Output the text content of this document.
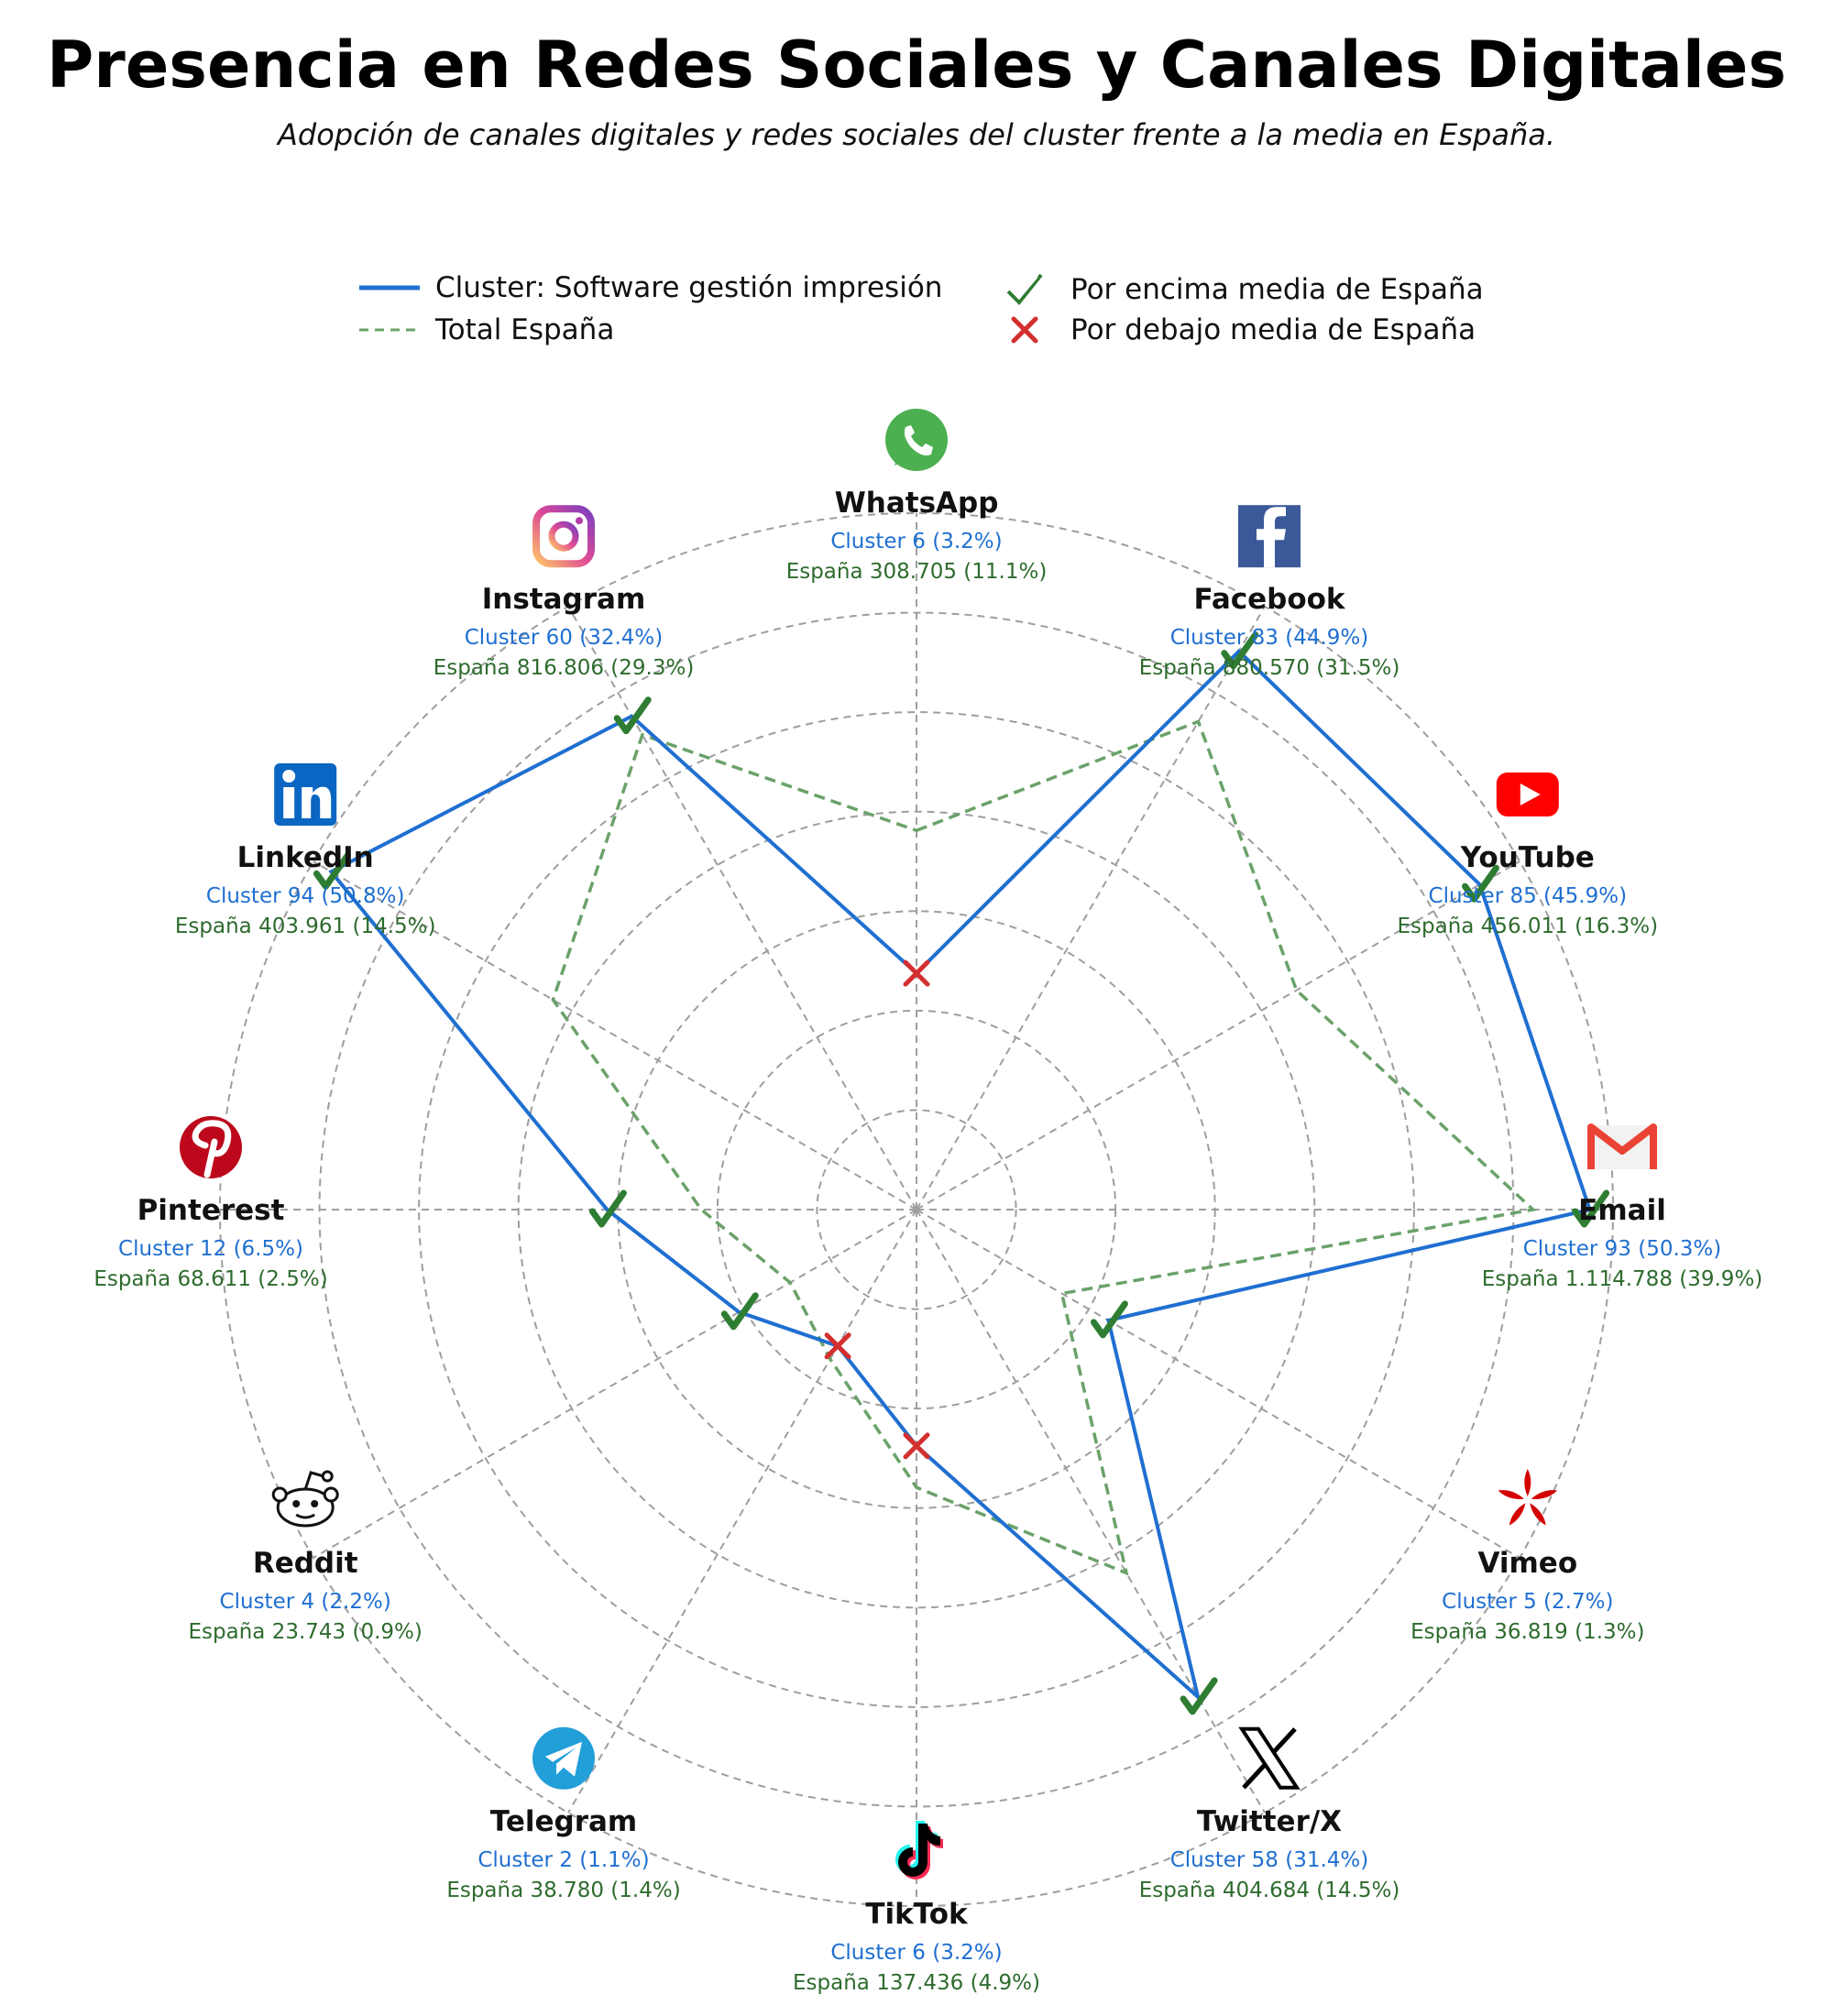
Presencia en Redes Sociales y Canales Digitales
Adopción de canales digitales y redes sociales del cluster frente a la media en España.
Cluster: Software gestión impresión
Total España
Por encima media de España
Por debajo media de España
WhatsApp
Cluster 6 (3.2%)
España 308.705 (11.1%)
Facebook
Cluster 83 (44.9%)
España 880.570 (31.5%)
YouTube
Cluster 85 (45.9%)
España 456.011 (16.3%)
Email
Cluster 93 (50.3%)
España 1.114.788 (39.9%)
Vimeo
Cluster 5 (2.7%)
España 36.819 (1.3%)
Twitter/X
Cluster 58 (31.4%)
España 404.684 (14.5%)
TikTok
Cluster 6 (3.2%)
España 137.436 (4.9%)
Telegram
Cluster 2 (1.1%)
España 38.780 (1.4%)
Reddit
Cluster 4 (2.2%)
España 23.743 (0.9%)
Pinterest
Cluster 12 (6.5%)
España 68.611 (2.5%)
LinkedIn
Cluster 94 (50.8%)
España 403.961 (14.5%)
Instagram
Cluster 60 (32.4%)
España 816.806 (29.3%)
